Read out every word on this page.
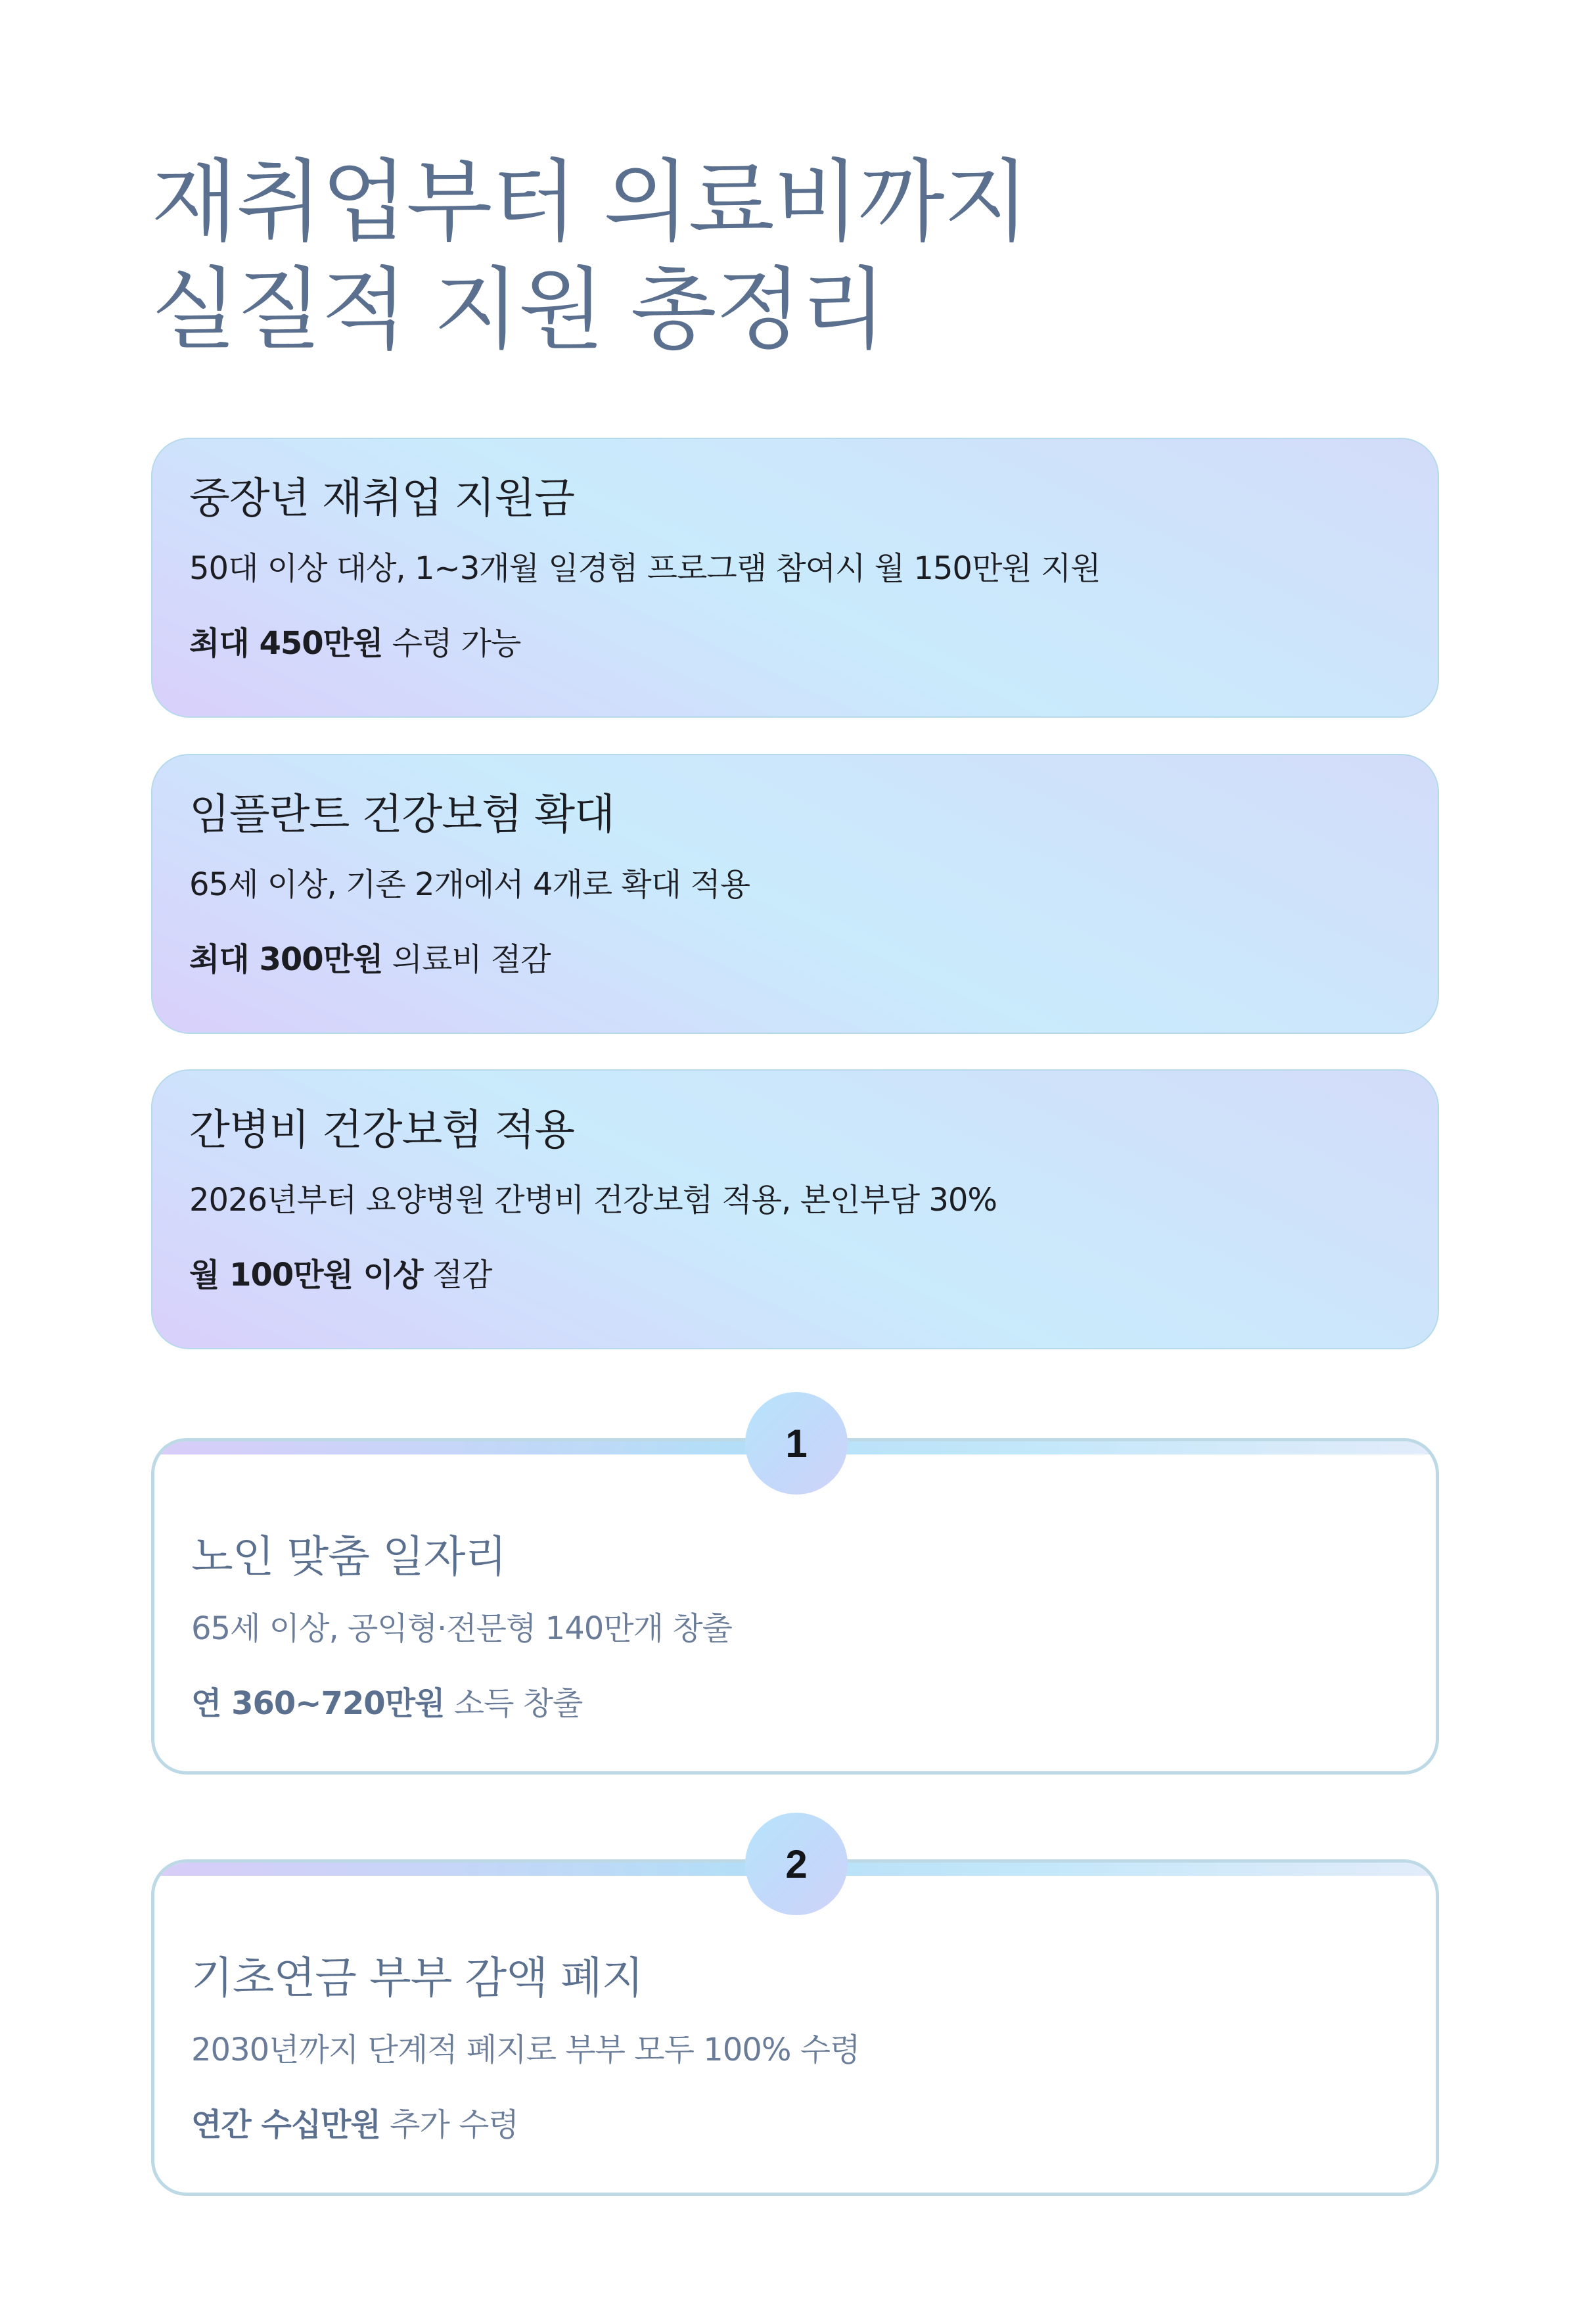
재취업부터 의료비까지
실질적 지원 총정리

중장년 재취업 지원금

50대 이상 대상, 1~3개월 일경험 프로그램 참여시 월 150만원 지원

최대 450만원 수령 가능

임플란트 건강보험 확대

65세 이상, 기존 2개에서 4개로 확대 적용

최대 300만원 의료비 절감

간병비 건강보험 적용

2026년부터 요양병원 간병비 건강보험 적용, 본인부담 30%

월 100만원 이상 절감

노인 맞춤 일자리

65세 이상, 공익형·전문형 140만개 창출

연 360~720만원 소득 창출

1

기초연금 부부 감액 폐지

2030년까지 단계적 폐지로 부부 모두 100% 수령

연간 수십만원 추가 수령

2
